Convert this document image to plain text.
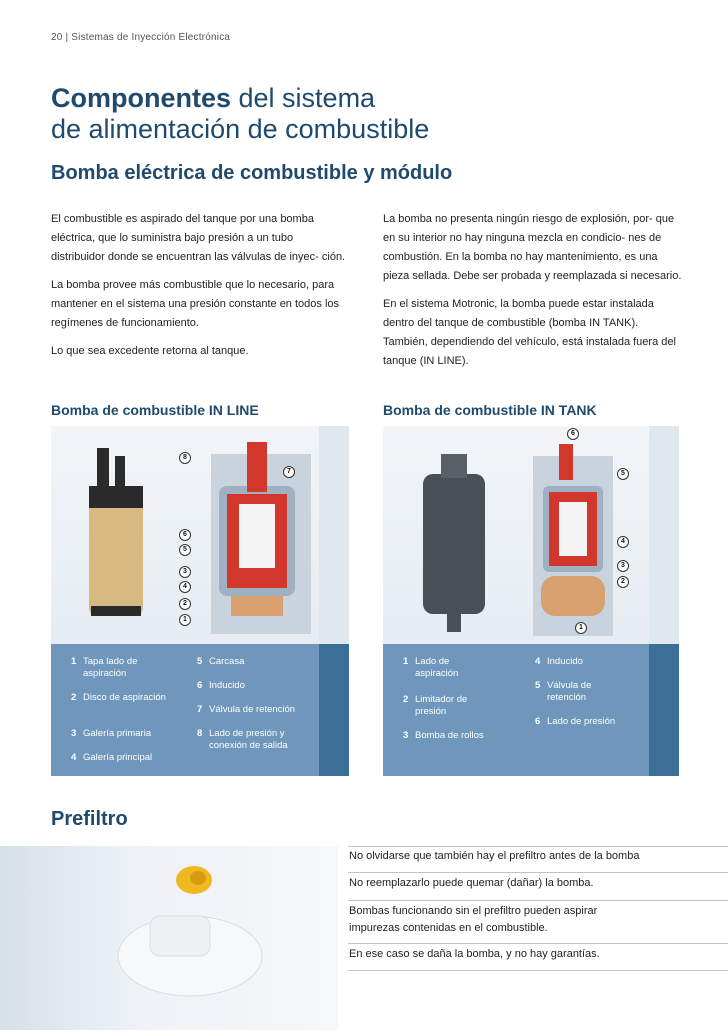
20 | Sistemas de Inyección Electrónica
Componentes del sistema
de alimentación de combustible
Bomba eléctrica de combustible y módulo

El combustible es aspirado del tanque por una bomba eléctrica, que lo suministra bajo presión a un tubo distribuidor donde se encuentran las válvulas de inyec- ción.

La bomba provee más combustible que lo necesario, para mantener en el sistema una presión constante en todos los regímenes de funcionamiento.

Lo que sea excedente retorna al tanque.

La bomba no presenta ningún riesgo de explosión, por- que en su interior no hay ninguna mezcla en condicio- nes de combustión. En la bomba no hay mantenimiento, es una pieza sellada. Debe ser probada y reemplazada si necesario.

En el sistema Motronic, la bomba puede estar instalada dentro del tanque de combustible (bomba IN TANK). También, dependiendo del vehículo, está instalada fuera del tanque (IN LINE).

Bomba de combustible IN LINE	Bomba de combustible IN TANK
8
7
6
5
3
4
2
1
1 Tapa lado de aspiración
2 Disco de aspiración
3 Galería primaria
4 Galería principal
5 Carcasa
6 Inducido
7 Válvula de retención
8 Lado de presión y conexión de salida
6
5
4
3
2
1
1 Lado de aspiración
2 Limitador de presión
3 Bomba de rollos
4 Inducido
5 Válvula de retención
6 Lado de presión
Prefiltro
No olvidarse que también hay el prefiltro antes de la bomba
No reemplazarlo puede quemar (dañar) la bomba.
Bombas funcionando sin el prefiltro pueden aspirar impurezas contenidas en el combustible.
En ese caso se daña la bomba, y no hay garantías.
